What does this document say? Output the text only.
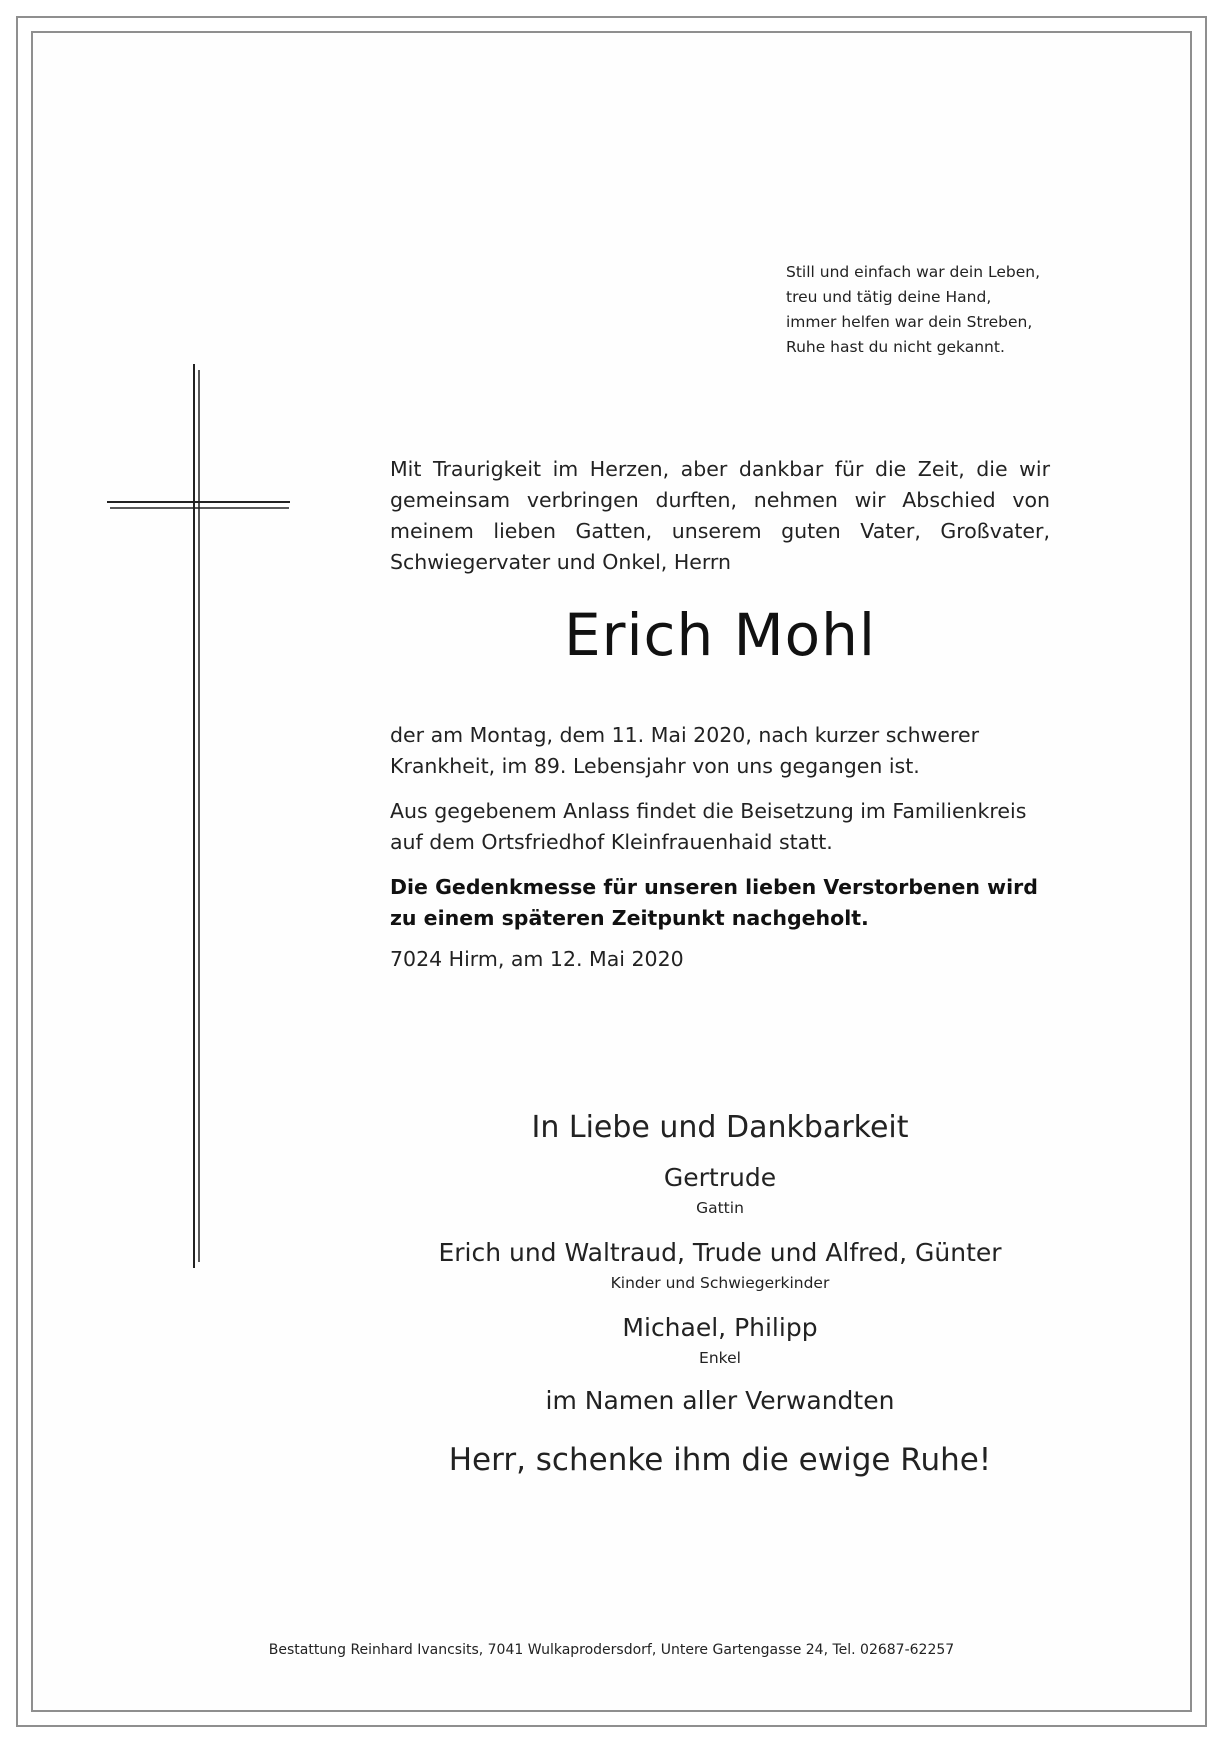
Still und einfach war dein Leben,
treu und tätig deine Hand,
immer helfen war dein Streben,
Ruhe hast du nicht gekannt.
Mit Traurigkeit im Herzen, aber dankbar für die Zeit, die wir gemeinsam verbringen durften, nehmen wir Abschied von meinem lieben Gatten, unserem guten Vater, Großvater, Schwiegervater und Onkel, Herrn
Erich Mohl
der am Montag, dem 11. Mai 2020, nach kurzer schwerer Krankheit, im 89. Lebensjahr von uns gegangen ist.
Aus gegebenem Anlass findet die Beisetzung im Familienkreis auf dem Ortsfriedhof Kleinfrauenhaid statt.
Die Gedenkmesse für unseren lieben Verstorbenen wird zu einem späteren Zeitpunkt nachgeholt.
7024 Hirm, am 12. Mai 2020
In Liebe und Dankbarkeit
Gertrude
Gattin
Erich und Waltraud, Trude und Alfred, Günter
Kinder und Schwiegerkinder
Michael, Philipp
Enkel
im Namen aller Verwandten
Herr, schenke ihm die ewige Ruhe!
Bestattung Reinhard Ivancsits, 7041 Wulkaprodersdorf, Untere Gartengasse 24, Tel. 02687-62257
